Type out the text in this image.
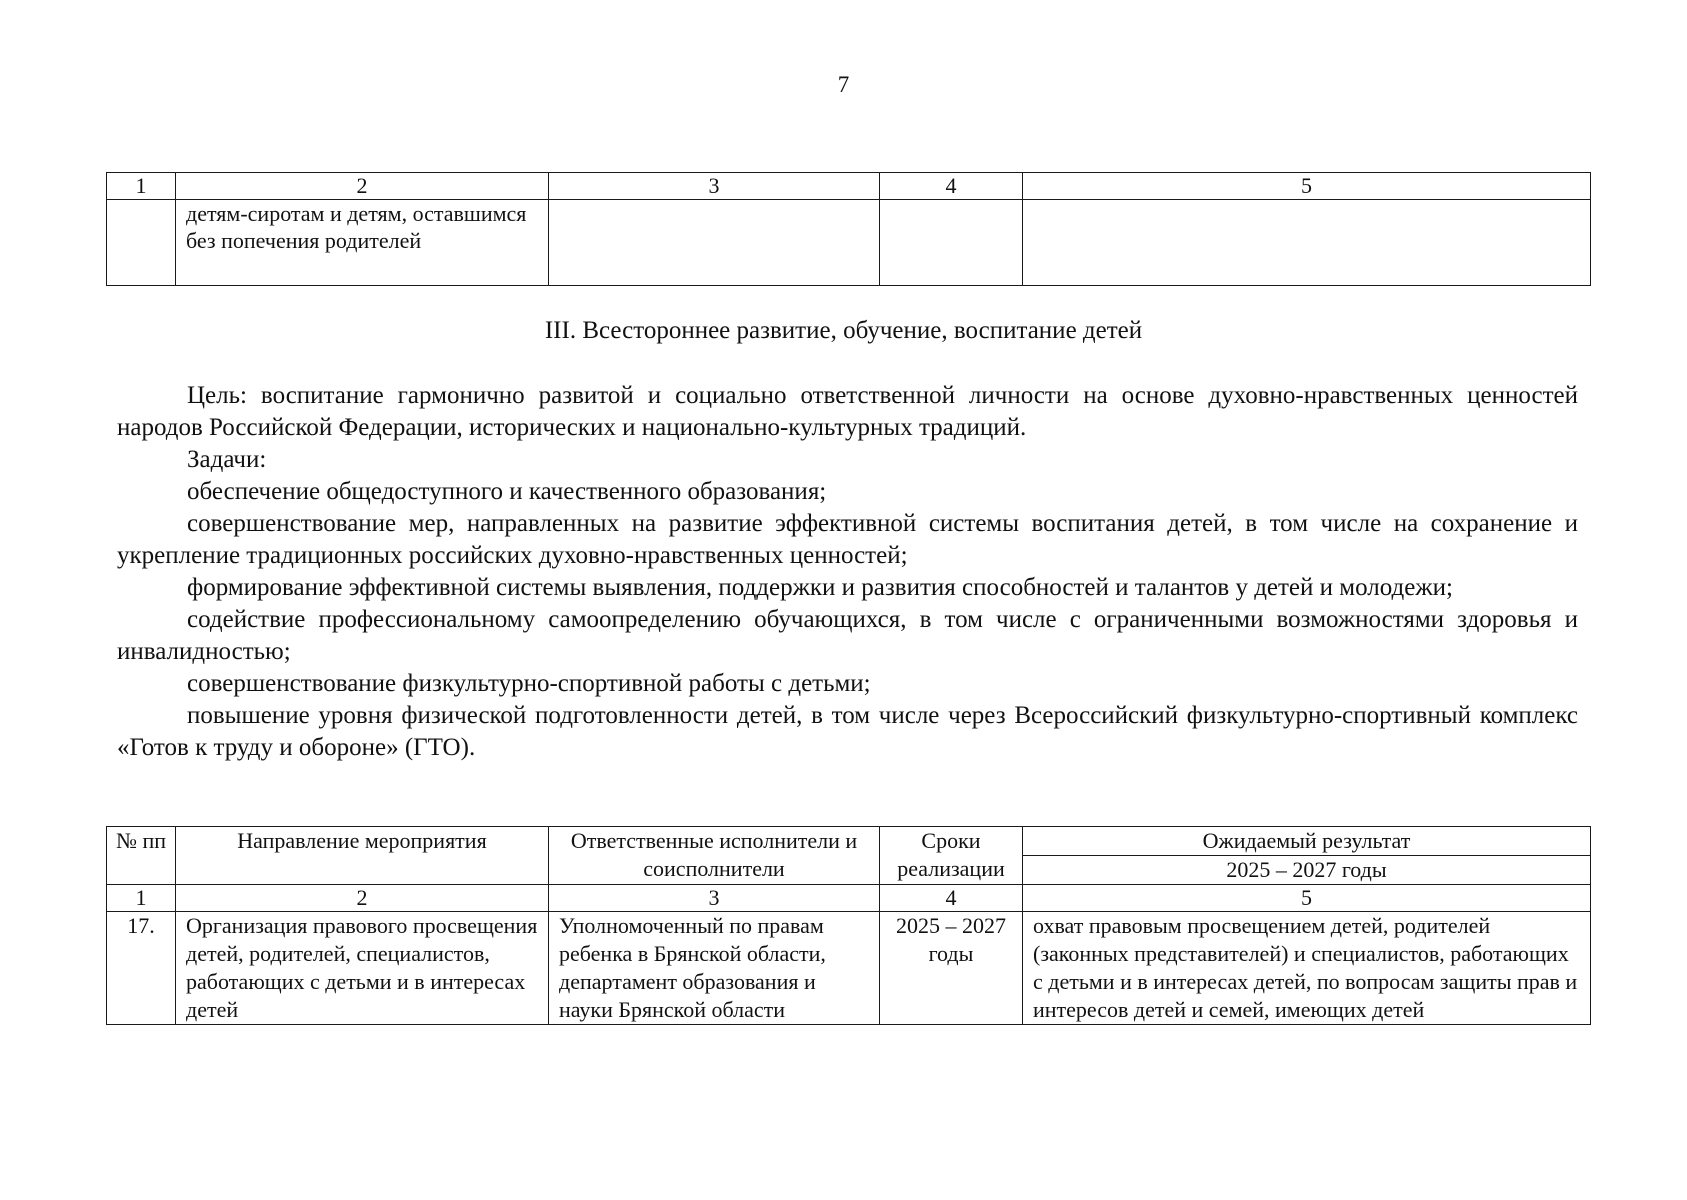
7
1	2	3	4	5
	детям-сиротам и детям, оставшимся без попечения родителей			
III. Всестороннее развитие, обучение, воспитание детей

Цель: воспитание гармонично развитой и социально ответственной личности на основе духовно-нравственных ценностей народов Российской Федерации, исторических и национально-культурных традиций.

Задачи:

обеспечение общедоступного и качественного образования;

совершенствование мер, направленных на развитие эффективной системы воспитания детей, в том числе на сохранение и укрепление традиционных российских духовно-нравственных ценностей;

формирование эффективной системы выявления, поддержки и развития способностей и талантов у детей и молодежи;

содействие профессиональному самоопределению обучающихся, в том числе с ограниченными возможностями здоровья и инвалидностью;

совершенствование физкультурно-спортивной работы с детьми;

повышение уровня физической подготовленности детей, в том числе через Всероссийский физкультурно-спортивный комплекс «Готов к труду и обороне» (ГТО).

№ пп	Направление мероприятия	Ответственные исполнители и соисполнители	Сроки реализации	Ожидаемый результат
				2025 – 2027 годы
1	2	3	4	5
17.	Организация правового просвещения детей, родителей, специалистов, работающих с детьми и в интересах детей	Уполномоченный по правам ребенка в Брянской области, департамент образования и науки Брянской области	2025 – 2027 годы	охват правовым просвещением детей, родителей (законных представителей) и специалистов, работающих с детьми и в интересах детей, по вопросам защиты прав и интересов детей и семей, имеющих детей
